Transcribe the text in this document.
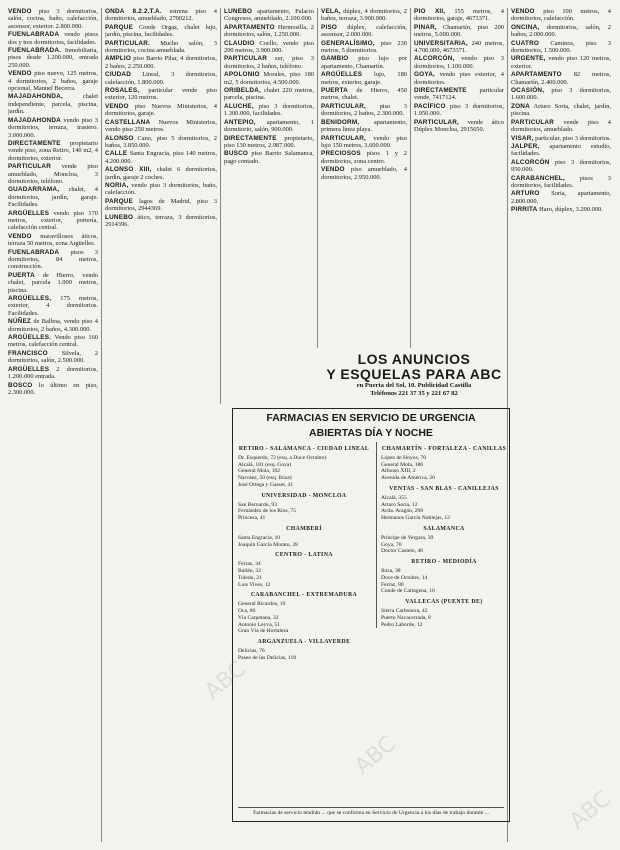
VENDO piso 3 dormitorios, salón, cocina, baño, calefacción, ascensor, exterior. 2.800.000.

FUENLABRADA vendo pisos dos y tres dormitorios, facilidades.

FUENLABRADA. Inmobiliaria, pisos desde 1.200.000, entrada 250.000.

VENDO piso nuevo, 125 metros, 4 dormitorios, 2 baños, garaje opcional, Manuel Becerra.

MAJADAHONDA,	chalet independiente, parcela, piscina, jardín.

MAJADAHONDA vendo piso 3 dormitorios, terraza, trastero. 3.000.000.

DIRECTAMENTE propietario vende piso, zona Retiro, 140 m2, 4 dormitorios, exterior.

PARTICULAR vende piso amueblado, Moncloa, 3 dormitorios, teléfono.

GUADARRAMA, chalet, 4 dormitorios, jardín, garaje. Facilidades.

ARGÜELLES vendo piso 170 metros, exterior, portería, calefacción central.

VENDO maravillosos áticos, terraza 50 metros, zona Argüelles.

FUENLABRADA pisos 3 dormitorios, 84 metros, construcción.

PUERTA de Hierro, vendo chalet, parcela 1.000 metros, piscina.

ARGÜELLES, 175 metros, exterior, 4 dormitorios. Facilidades.

NÚÑEZ de Balboa, vendo piso 4 dormitorios, 2 baños, 4.300.000.

ARGÜELLES. Vendo piso 160 metros, calefacción central.

FRANCISCO Silvela, 2 dormitorios, salón, 2.500.000.

ARGÜELLES 2 dormitorios, 1.200.000 entrada.

BOSCO lo último en piso, 2.300.000.

ONDA 8.2.2.T.A. estrena piso 4 dormitorios, amueblado, 2700212.

PARQUE Conde Orgaz, chalet lujo, jardín, piscina, facilidades.

PARTICULAR. Mucho salón, 3 dormitorios, cocina amueblada.

AMPLIO piso Barrio Pilar, 4 dormitorios, 2 baños, 2.250.000.

CIUDAD Lineal, 3 dormitorios, calefacción, 1.800.000.

ROSALES, particular vende piso exterior, 120 metros.

VENDO piso Nuevos Ministerios, 4 dormitorios, garaje.

CASTELLANA Nuevos Ministerios, vendo piso 250 metros.

ALONSO Cano, piso 5 dormitorios, 2 baños, 3.850.000.

CALLE Santa Engracia, piso 140 metros, 4.200.000.

ALONSO XIII, chalet 6 dormitorios, jardín, garaje 2 coches.

NORIA, vendo piso 3 dormitorios, baño, calefacción.

PARQUE lagos de Madrid, piso 3 dormitorios, 2944369.

LUNEBO ático, terraza, 3 dormitorios, 2914396.

LUNEBO apartamento, Palacio Congresos, amueblado, 2.100.000.

APARTAMENTO Hermosilla, 2 dormitorios, salón, 1.250.000.

CLAUDIO Coello, vendo piso 200 metros, 3.900.000.

PARTICULAR sur, piso 3 dormitorios, 2 baños, teléfono.

APOLONIO Morales, piso 180 m2, 5 dormitorios, 4.500.000.

ORIBELDA, chalet 220 metros, parcela, piscina.

ALUCHE, piso 3 dormitorios, 1.300.000, facilidades.

ANTEPIO, apartamento, 1 dormitorio, salón, 900.000.

DIRECTAMENTE propietario, piso 130 metros, 2.987.000.

BUSCO piso Barrio Salamanca, pago contado.

VELA, dúplex, 4 dormitorios, 2 baños, terraza, 3.900.000.

PISO dúplex, calefacción, ascensor, 2.000.000.

GENERALÍSIMO, piso 230 metros, 5 dormitorios.

GAMBIO piso lujo por apartamento, Chamartín.

ARGÜELLES lujo, 180 metros, exterior, garaje.

PUERTA de Hierro, 450 metros, chalet.

PARTICULAR, piso 3 dormitorios, 2 baños, 2.300.000.

BENIDORM, apartamento, primera línea playa.

PARTICULAR, vendo piso lujo 150 metros, 3.600.000.

PRECIOSOS pisos 1 y 2 dormitorios, zona centro.

VENDO piso amueblado, 4 dormitorios, 2.950.000.

PIO XII, 155 metros, 4 dormitorios, garaje, 4673371.

PINAR, Chamartín, piso 200 metros, 5.000.000.

UNIVERSITARIA, 240 metros, 4.700.000, 4673371.

ALCORCÓN, vendo piso 3 dormitorios, 1.100.000.

GOYA, vendo piso exterior, 4 dormitorios.

DIRECTAMENTE particular vende, 7417124.

PACÍFICO piso 3 dormitorios, 1.950.000.

PARTICULAR, vende ático Dúplex Moncloa, 2915650.

VENDO piso 100 metros, 4 dormitorios, calefacción.

ONCINA, dormitorios, salón, 2 baños, 2.000.000.

CUATRO Caminos, piso 3 dormitorios, 1.500.000.

URGENTE, vendo piso 120 metros, exterior.

APARTAMENTO 82 metros, Chamartín, 2.400.000.

OCASIÓN, piso 3 dormitorios, 1.600.000.

ZONA Arturo Soria, chalet, jardín, piscina.

PARTICULAR vende piso 4 dormitorios, amueblado.

VISAR, particular, piso 3 dormitorios.

JALPER, apartamento estudio, facilidades.

ALCORCÓN piso 3 dormitorios, 950.000.

CARABANCHEL, pisos 3 dormitorios, facilidades.

ARTURO Soria, apartamento, 2.800.000.

PIRRITA Haro, dúplex, 3.200.000.

LOS ANUNCIOS
Y ESQUELAS PARA ABC
en Puerta del Sol, 10. Publicidad Castilla
Teléfonos 221 37 35 y 221 67 82
FARMACIAS EN SERVICIO DE URGENCIA
ABIERTAS DÍA Y NOCHE
RETIRO - SALAMANCA - CIUDAD LINEAL
Dr. Esquerdo, 72 (esq. a Doce Octubre)
Alcalá, 181 (esq. Goya)
General Mola, 102
Narváez, 50 (esq. Ibiza)
José Ortega y Gasset, 41
UNIVERSIDAD - MONCLOA
San Bernardo, 93
Fernández de los Ríos, 75
Princesa, 41
CHAMBERÍ
Santa Engracia, 10
Joaquín García Morato, 28
CENTRO - LATINA
Ferraz, 34
Bailén, 32
Toledo, 21
Luis Vives, 12
CARABANCHEL - EXTREMADURA
General Ricardos, 10
Oca, 80
Vía Carpetana, 32
Antonio Leyva, 51
Gran Vía de Hortaleza
ARGANZUELA - VILLAVERDE
Delicias, 76
Paseo de las Delicias, 118
CHAMARTÍN - FORTALEZA - CANILLAS
López de Hoyos, 70
General Mola, 186
Alfonso XIII, 2
Avenida de América, 20
VENTAS - SAN BLAS - CANILLEJAS
Alcalá, 355
Arturo Soria, 12
Avda. Aragón, 290
Hermanos García Noblejas, 12
SALAMANCA
Príncipe de Vergara, 39
Goya, 70
Doctor Castelo, 46
RETIRO - MEDIODÍA
Ibiza, 38
Doce de Octubre, 14
Ferraz, 80
Conde de Cartagena, 10
VALLECAS (PUENTE DE)
Sierra Carbonera, 42
Puerto Navacerrada, 8
Pedro Laborde, 12
Farmacias de servicio tendrán ... que se conforma en Servicio de Urgencia a los días de trabajo durante ...
ABC
ABC
ABC
